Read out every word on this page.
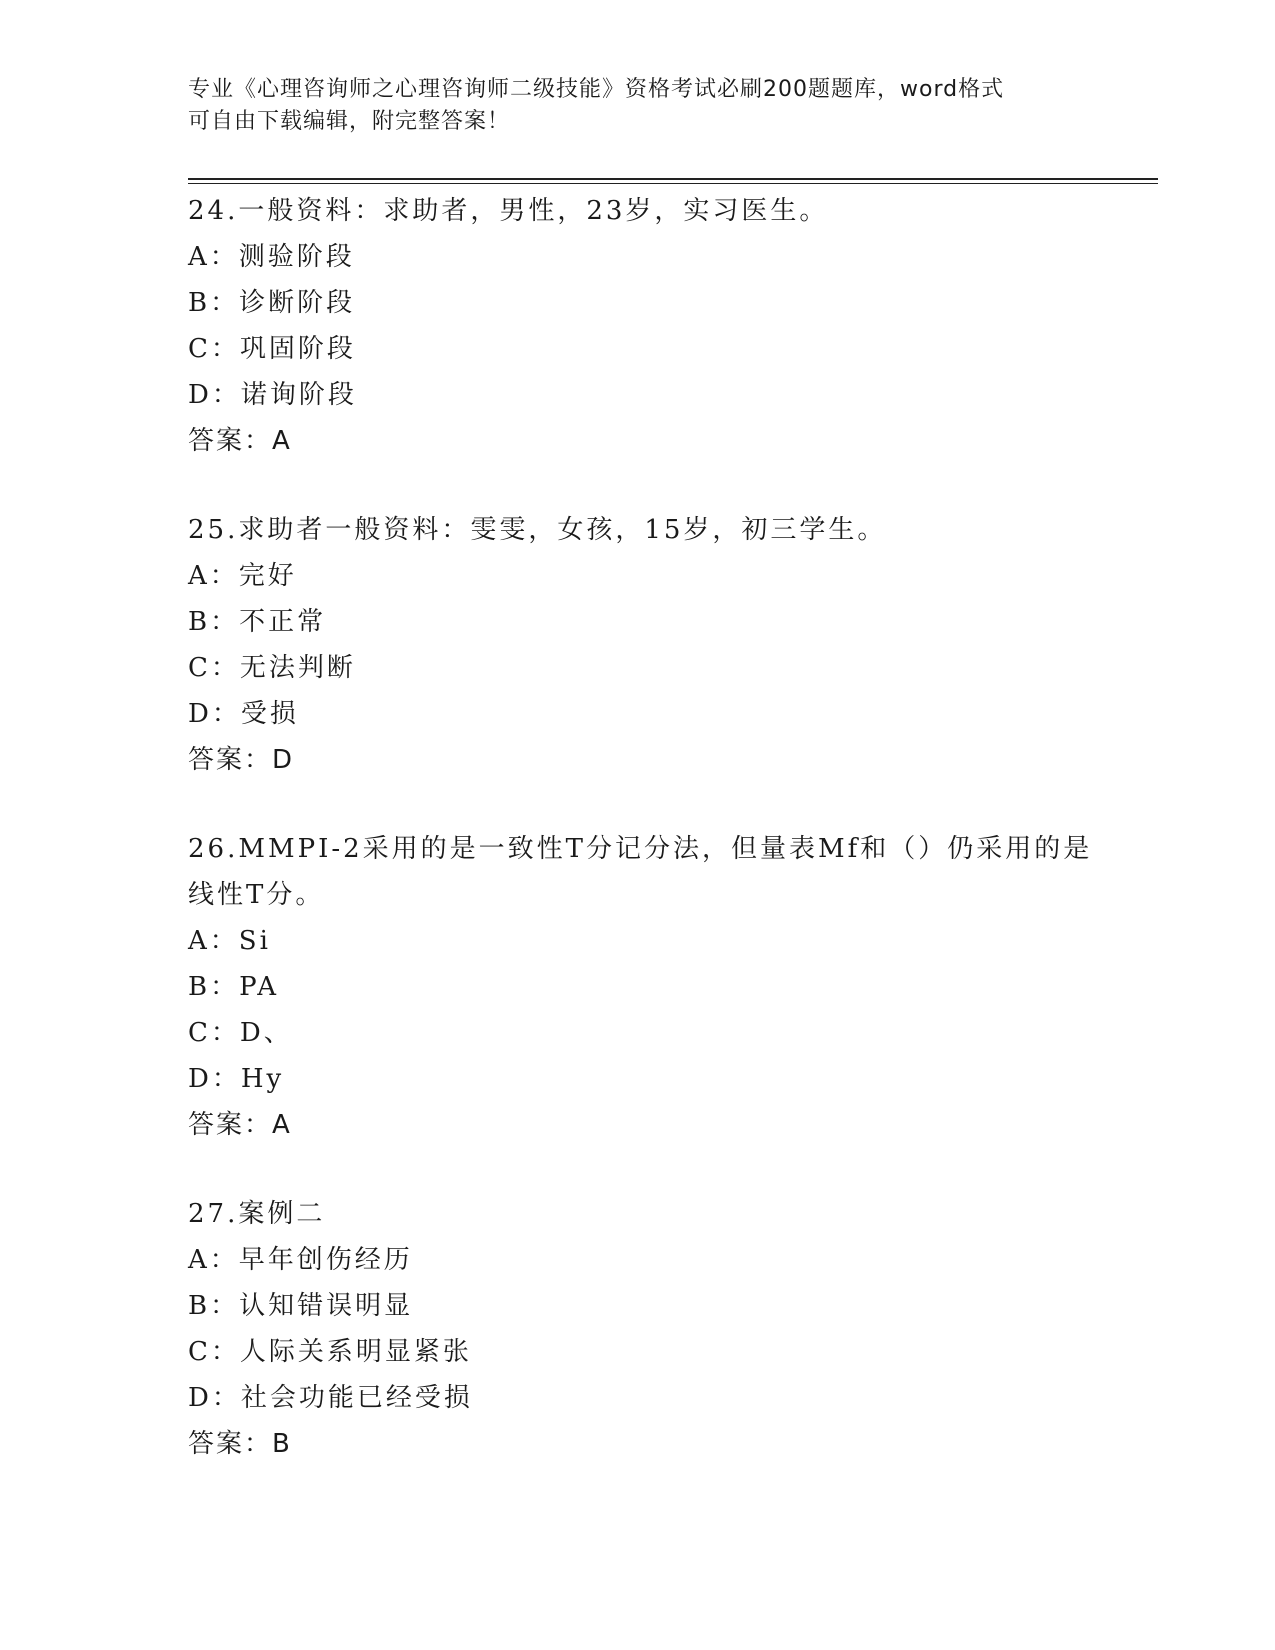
专业《心理咨询师之心理咨询师二级技能》资格考试必刷200题题库，word格式
可自由下载编辑，附完整答案！
24.一般资料：求助者，男性，23岁，实习医生。
A：测验阶段
B：诊断阶段
C：巩固阶段
D：诺询阶段
答案：A
25.求助者一般资料：雯雯，女孩，15岁，初三学生。
A：完好
B：不正常
C：无法判断
D：受损
答案：D
26.MMPI-2采用的是一致性T分记分法，但量表Mf和（）仍采用的是
线性T分。
A：Si
B：PA
C：D、
D：Hy
答案：A
27.案例二
A：早年创伤经历
B：认知错误明显
C：人际关系明显紧张
D：社会功能已经受损
答案：B
